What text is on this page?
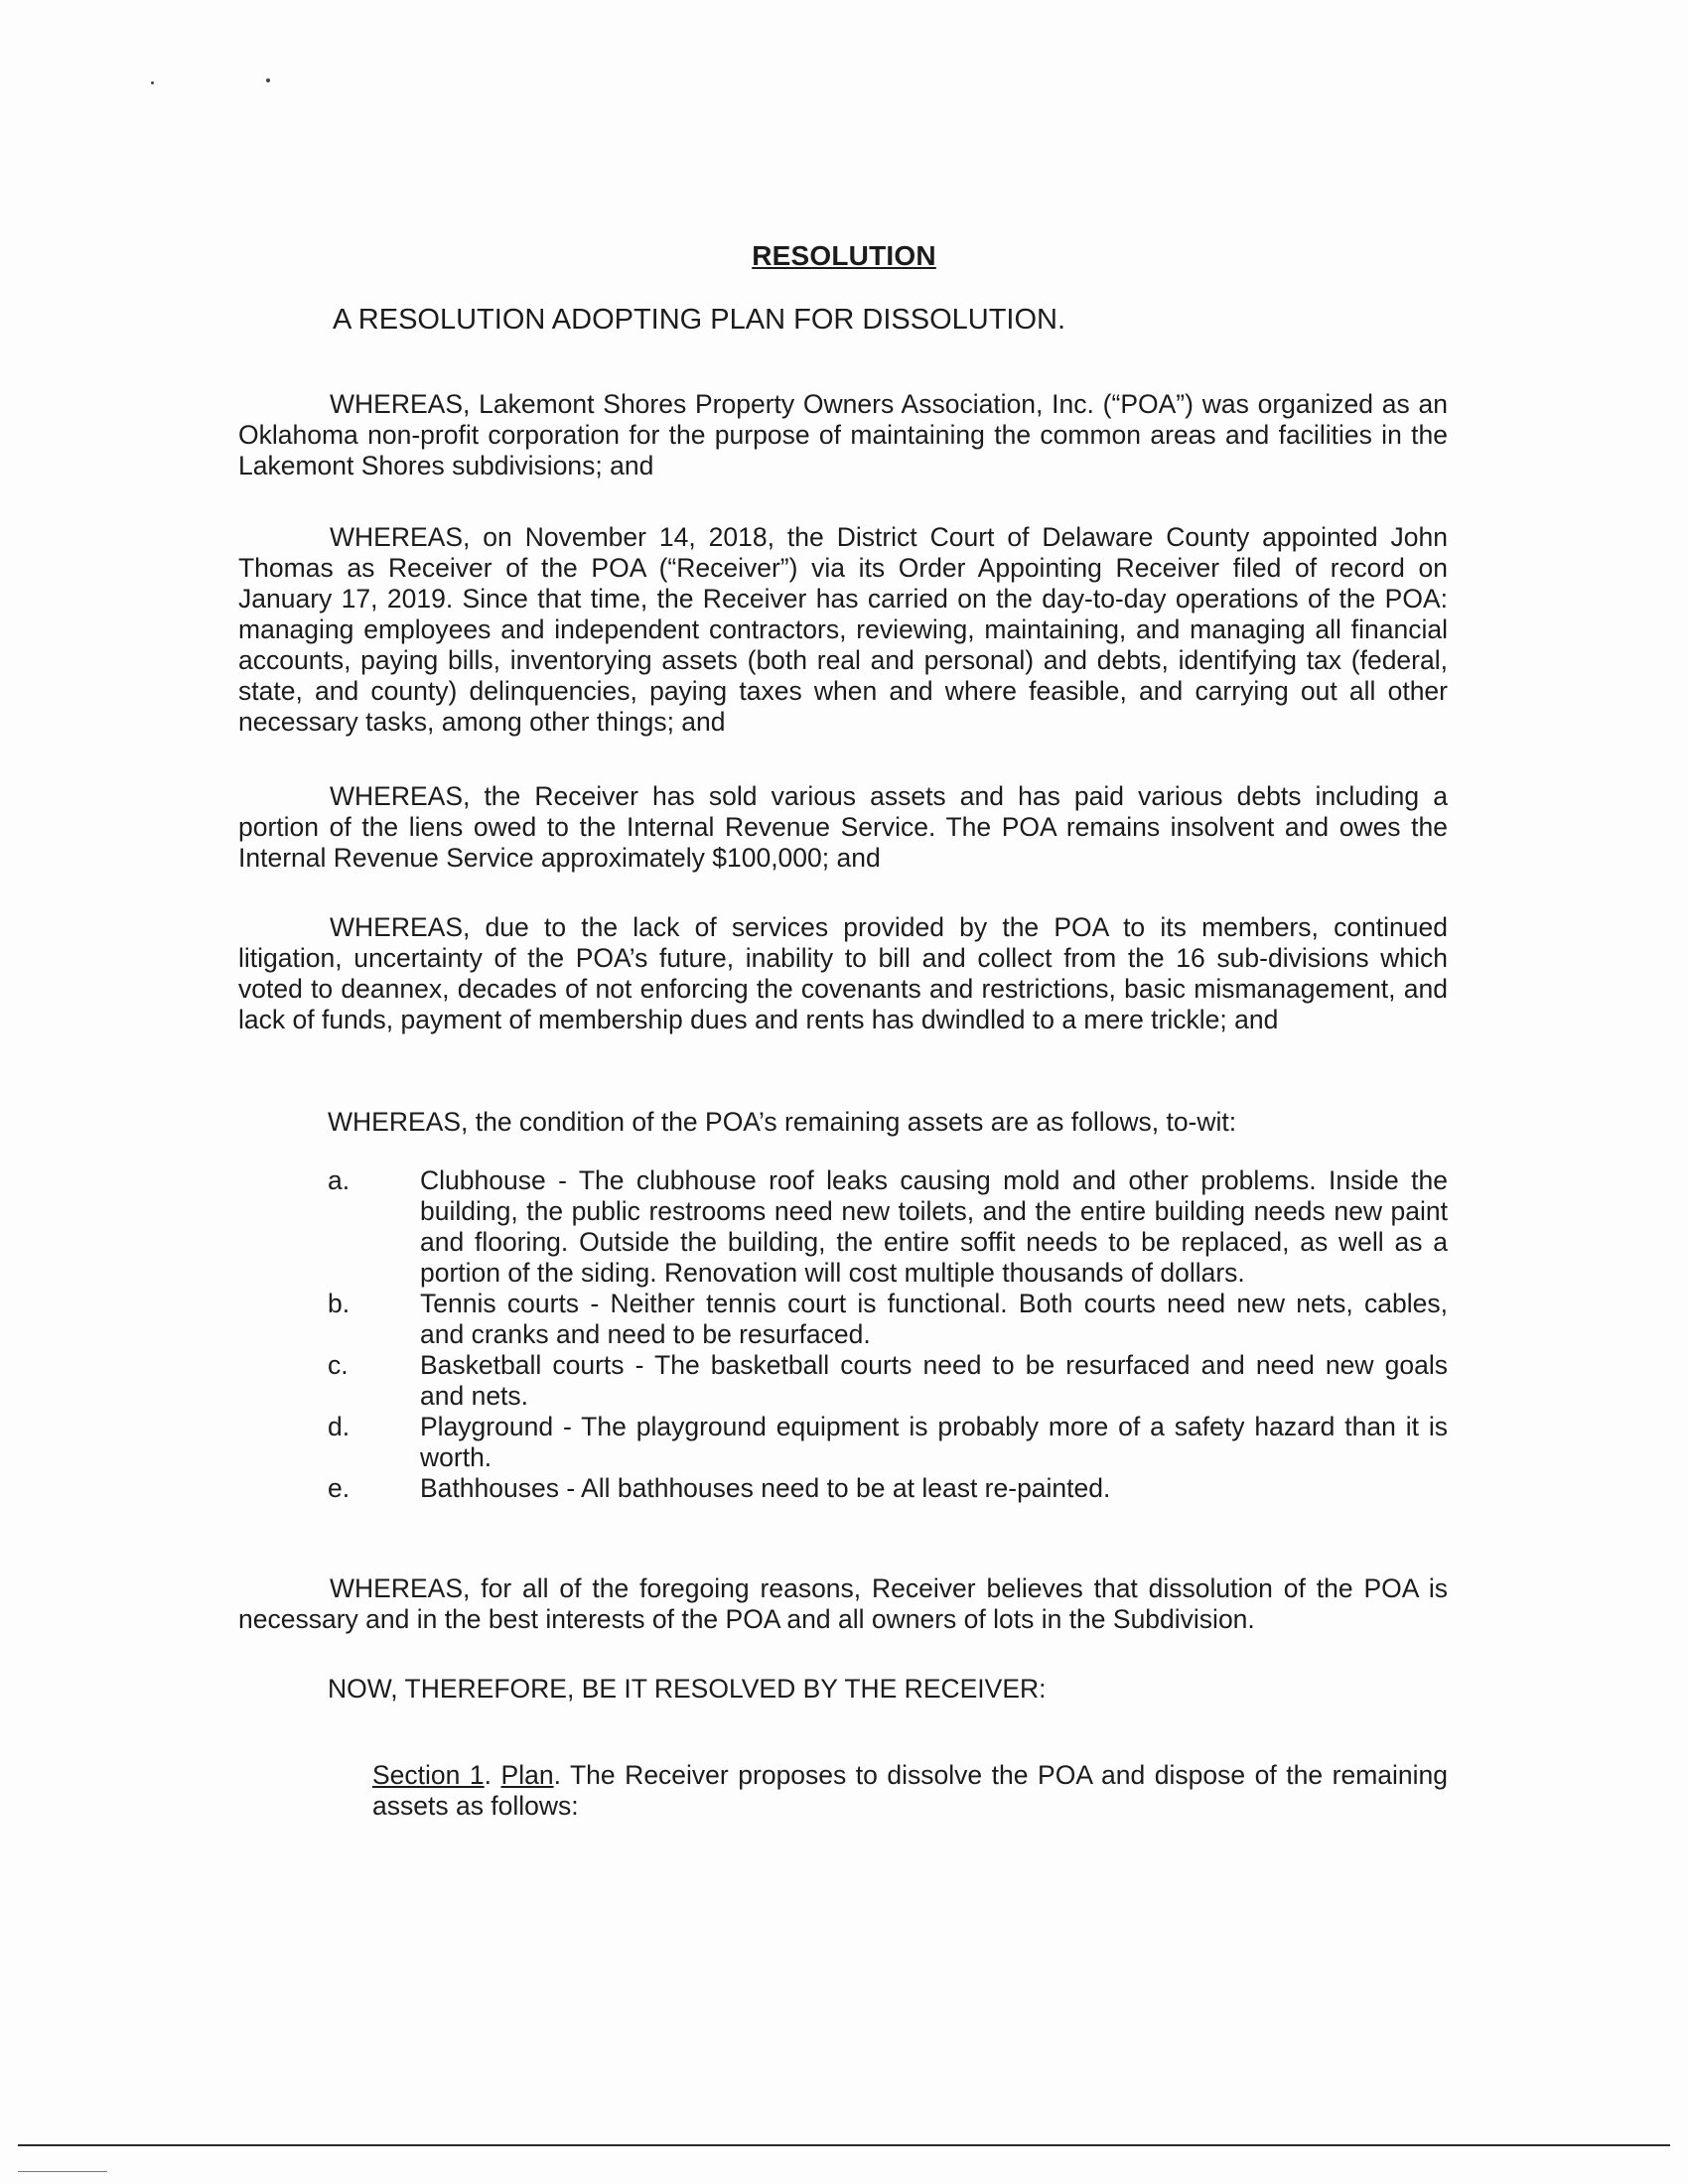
RESOLUTION

A RESOLUTION ADOPTING PLAN FOR DISSOLUTION.

WHEREAS, Lakemont Shores Property Owners Association, Inc. (“POA”) was organized as an Oklahoma non-profit corporation for the purpose of maintaining the common areas and facilities in the Lakemont Shores subdivisions; and

WHEREAS, on November 14, 2018, the District Court of Delaware County appointed John Thomas as Receiver of the POA (“Receiver”) via its Order Appointing Receiver filed of record on January 17, 2019. Since that time, the Receiver has carried on the day-to-day operations of the POA: managing employees and independent contractors, reviewing, maintaining, and managing all financial accounts, paying bills, inventorying assets (both real and personal) and debts, identifying tax (federal, state, and county) delinquencies, paying taxes when and where feasible, and carrying out all other necessary tasks, among other things; and

WHEREAS, the Receiver has sold various assets and has paid various debts including a portion of the liens owed to the Internal Revenue Service. The POA remains insolvent and owes the Internal Revenue Service approximately $100,000; and

WHEREAS, due to the lack of services provided by the POA to its members, continued litigation, uncertainty of the POA’s future, inability to bill and collect from the 16 sub-divisions which voted to deannex, decades of not enforcing the covenants and restrictions, basic mismanagement, and lack of funds, payment of membership dues and rents has dwindled to a mere trickle; and

WHEREAS, the condition of the POA’s remaining assets are as follows, to-wit:

a.	Clubhouse - The clubhouse roof leaks causing mold and other problems. Inside the building, the public restrooms need new toilets, and the entire building needs new paint and flooring. Outside the building, the entire soffit needs to be replaced, as well as a portion of the siding. Renovation will cost multiple thousands of dollars.
b.	Tennis courts - Neither tennis court is functional. Both courts need new nets, cables, and cranks and need to be resurfaced.
c.	Basketball courts - The basketball courts need to be resurfaced and need new goals and nets.
d.	Playground - The playground equipment is probably more of a safety hazard than it is worth.
e.	Bathhouses - All bathhouses need to be at least re-painted.

WHEREAS, for all of the foregoing reasons, Receiver believes that dissolution of the POA is necessary and in the best interests of the POA and all owners of lots in the Subdivision.

NOW, THEREFORE, BE IT RESOLVED BY THE RECEIVER:

Section 1. Plan. The Receiver proposes to dissolve the POA and dispose of the remaining assets as follows:
